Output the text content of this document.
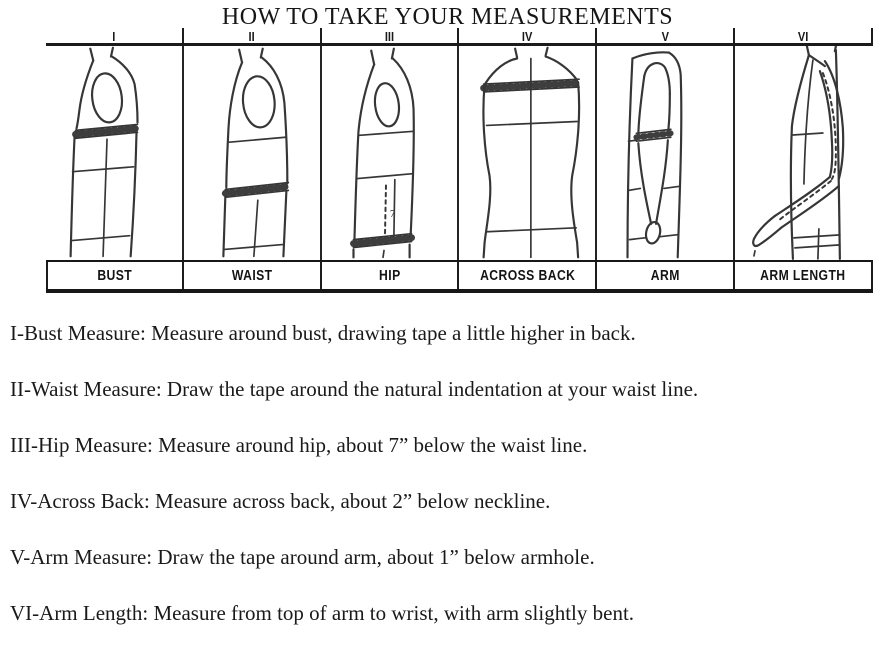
HOW TO TAKE YOUR MEASUREMENTS
I	II	III	IV	V	VI
7
BUST	WAIST	HIP	ACROSS BACK	ARM	ARM LENGTH

I-Bust Measure: Measure around bust, drawing tape a little higher in back.

II-Waist Measure: Draw the tape around the natural indentation at your waist line.

III-Hip Measure: Measure around hip, about 7” below the waist line.

IV-Across Back: Measure across back, about 2” below neckline.

V-Arm Measure: Draw the tape around arm, about 1” below armhole.

VI-Arm Length: Measure from top of arm to wrist, with arm slightly bent.
